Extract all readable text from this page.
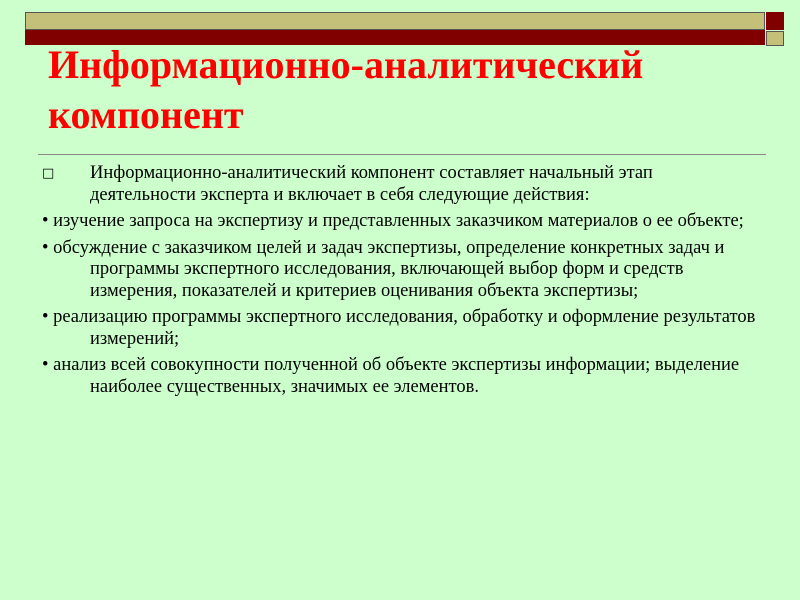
Информационно-аналитический компонент
□ Информационно-аналитический компонент составляет начальный этап деятельности эксперта и включает в себя следующие действия:
• изучение запроса на экспертизу и представленных заказчиком материалов о ее объекте;
• обсуждение с заказчиком целей и задач экспертизы, определение конкретных задач и программы экспертного исследования, включающей выбор форм и средств измерения, показателей и критериев оценивания объекта экспертизы;
• реализацию программы экспертного исследования, обработку и оформление результатов измерений;
• анализ всей совокупности полученной об объекте экспертизы информации; выделение наиболее существенных, значимых ее элементов.
